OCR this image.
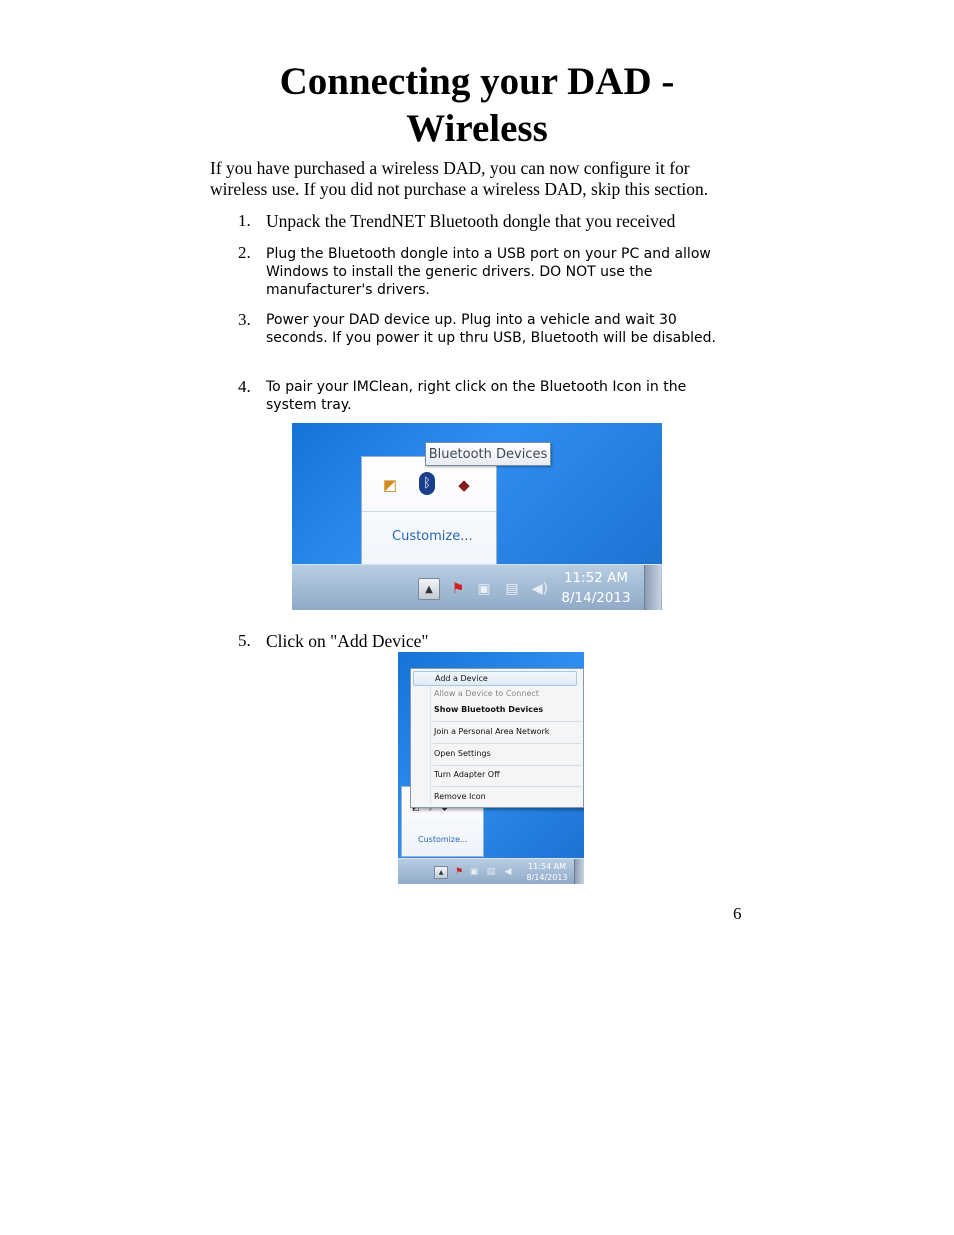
Connecting your DAD -
Wireless
If you have purchased a wireless DAD, you can now configure it for
wireless use. If you did not purchase a wireless DAD, skip this section.
1. Unpack the TrendNET Bluetooth dongle that you received
2. Plug the Bluetooth dongle into a USB port on your PC and allow Windows to install the generic drivers. DO NOT use the manufacturer's drivers.
3. Power your DAD device up. Plug into a vehicle and wait 30 seconds. If you power it up thru USB, Bluetooth will be disabled.
4. To pair your IMClean, right click on the Bluetooth Icon in the system tray.
◩	ᛒ	◆
Customize...
Bluetooth Devices
▲	⚑ ▣ ▤ ◀)
11:52 AM
8/14/2013
5. Click on "Add Device"
Customize...
Add a Device
Allow a Device to Connect
Show Bluetooth Devices
Join a Personal Area Network
Open Settings
Turn Adapter Off
Remove Icon
▲	⚑ ▣ ▤ ◀
11:54 AM
8/14/2013
6
